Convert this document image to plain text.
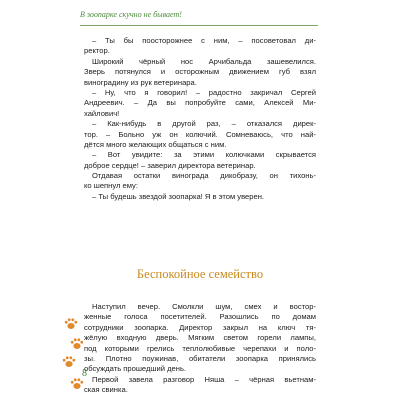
В зоопарке скучно не бывает!
– Ты бы поосторожнее с ним, – посоветовал ди-
ректор.
Широкий чёрный нос Арчибальда зашевелился.
Зверь потянулся и осторожным движением губ взял
виноградину из рук ветеринара.
– Ну, что я говорил! – радостно закричал Сергей
Андреевич. – Да вы попробуйте сами, Алексей Ми-
хайлович!
– Как-нибудь в другой раз, – отказался дирек-
тор. – Больно уж он колючий. Сомневаюсь, что най-
дётся много желающих общаться с ним.
– Вот увидите: за этими колючками скрывается
доброе сердце! – заверил директора ветеринар.
Отдавая остатки винограда дикобразу, он тихонь-
ко шепнул ему:
– Ты будешь звездой зоопарка! Я в этом уверен.
Беспокойное семейство
Наступил вечер. Смолкли шум, смех и востор-
женные голоса посетителей. Разошлись по домам
сотрудники зоопарка. Директор закрыл на ключ тя-
жёлую входную дверь. Мягким светом горели лампы,
под которыми грелись теплолюбивые черепахи и поло-
зы. Плотно поужинав, обитатели зоопарка принялись
обсуждать прошедший день.
Первой завела разговор Няша – чёрная вьетнам-
ская свинка.
8
